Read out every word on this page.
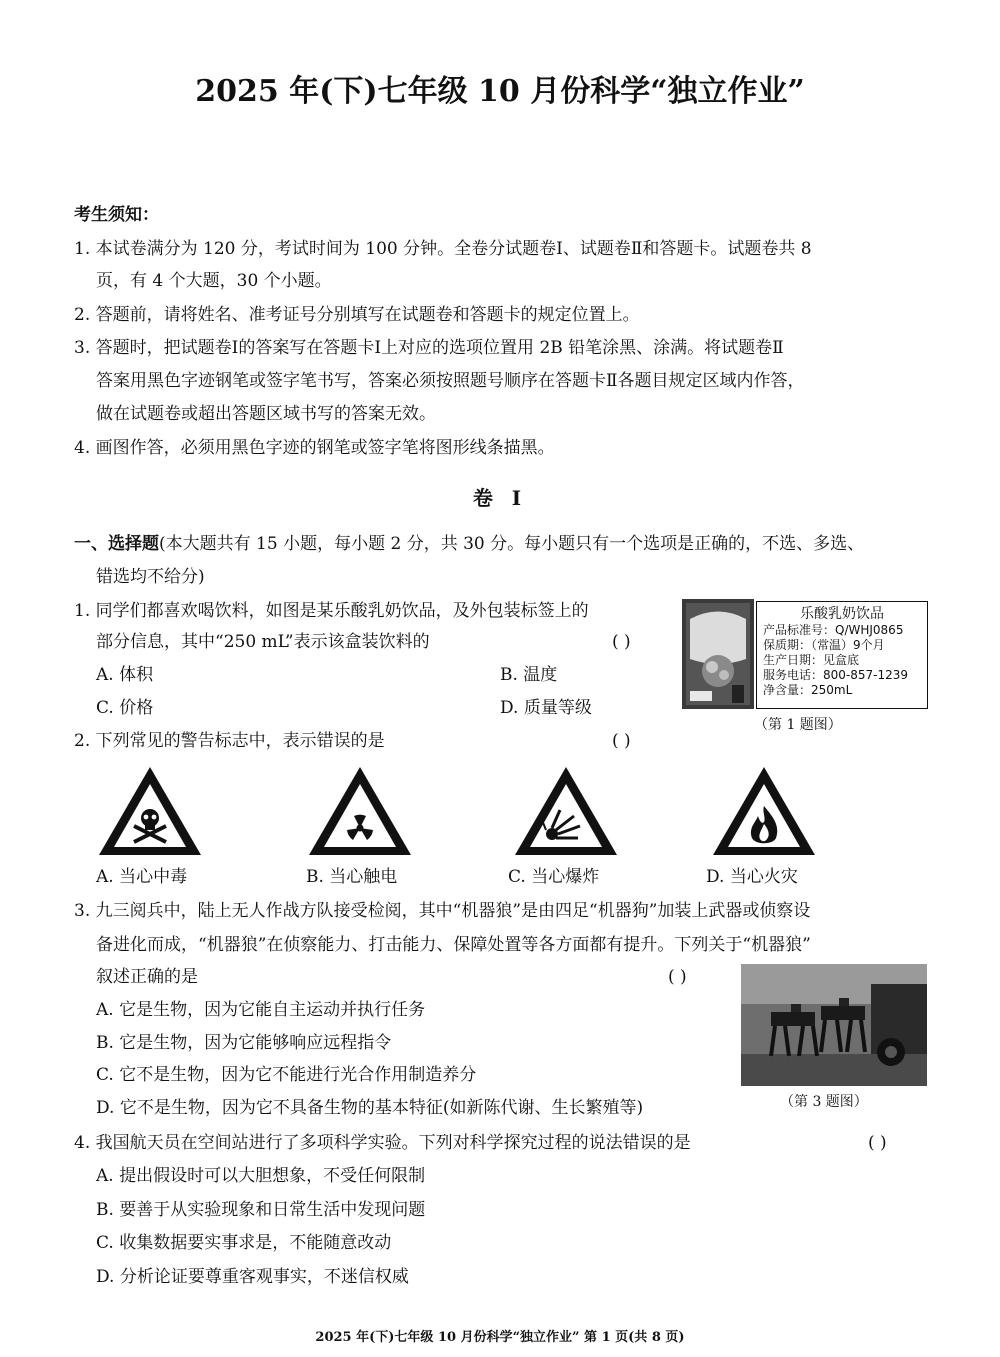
2025 年(下)七年级 10 月份科学“独立作业”
考生须知：
1. 本试卷满分为 120 分，考试时间为 100 分钟。全卷分试题卷Ⅰ、试题卷Ⅱ和答题卡。试题卷共 8
页，有 4 个大题，30 个小题。
2. 答题前，请将姓名、准考证号分别填写在试题卷和答题卡的规定位置上。
3. 答题时，把试题卷Ⅰ的答案写在答题卡Ⅰ上对应的选项位置用 2B 铅笔涂黑、涂满。将试题卷Ⅱ
答案用黑色字迹钢笔或签字笔书写，答案必须按照题号顺序在答题卡Ⅱ各题目规定区域内作答，
做在试题卷或超出答题区域书写的答案无效。
4. 画图作答，必须用黑色字迹的钢笔或签字笔将图形线条描黑。
卷 Ⅰ
一、选择题(本大题共有 15 小题，每小题 2 分，共 30 分。每小题只有一个选项是正确的，不选、多选、
错选均不给分)
1. 同学们都喜欢喝饮料，如图是某乐酸乳奶饮品，及外包装标签上的
部分信息，其中“250 mL”表示该盒装饮料的	( )
A. 体积	B. 温度
C. 价格	D. 质量等级
乐酸乳奶饮品
产品标准号：Q/WHJ0865
保质期：（常温）9个月
生产日期：见盒底
服务电话：800-857-1239
净含量：250mL
（第 1 题图）
2. 下列常见的警告标志中，表示错误的是	( )
A. 当心中毒	B. 当心触电	C. 当心爆炸	D. 当心火灾
3. 九三阅兵中，陆上无人作战方队接受检阅，其中“机器狼”是由四足“机器狗”加装上武器或侦察设
备进化而成，“机器狼”在侦察能力、打击能力、保障处置等各方面都有提升。下列关于“机器狼”
叙述正确的是	( )
A. 它是生物，因为它能自主运动并执行任务
B. 它是生物，因为它能够响应远程指令
C. 它不是生物，因为它不能进行光合作用制造养分
D. 它不是生物，因为它不具备生物的基本特征(如新陈代谢、生长繁殖等)	（第 3 题图）
4. 我国航天员在空间站进行了多项科学实验。下列对科学探究过程的说法错误的是	( )
A. 提出假设时可以大胆想象，不受任何限制
B. 要善于从实验现象和日常生活中发现问题
C. 收集数据要实事求是，不能随意改动
D. 分析论证要尊重客观事实，不迷信权威
2025 年(下)七年级 10 月份科学“独立作业” 第 1 页(共 8 页)
